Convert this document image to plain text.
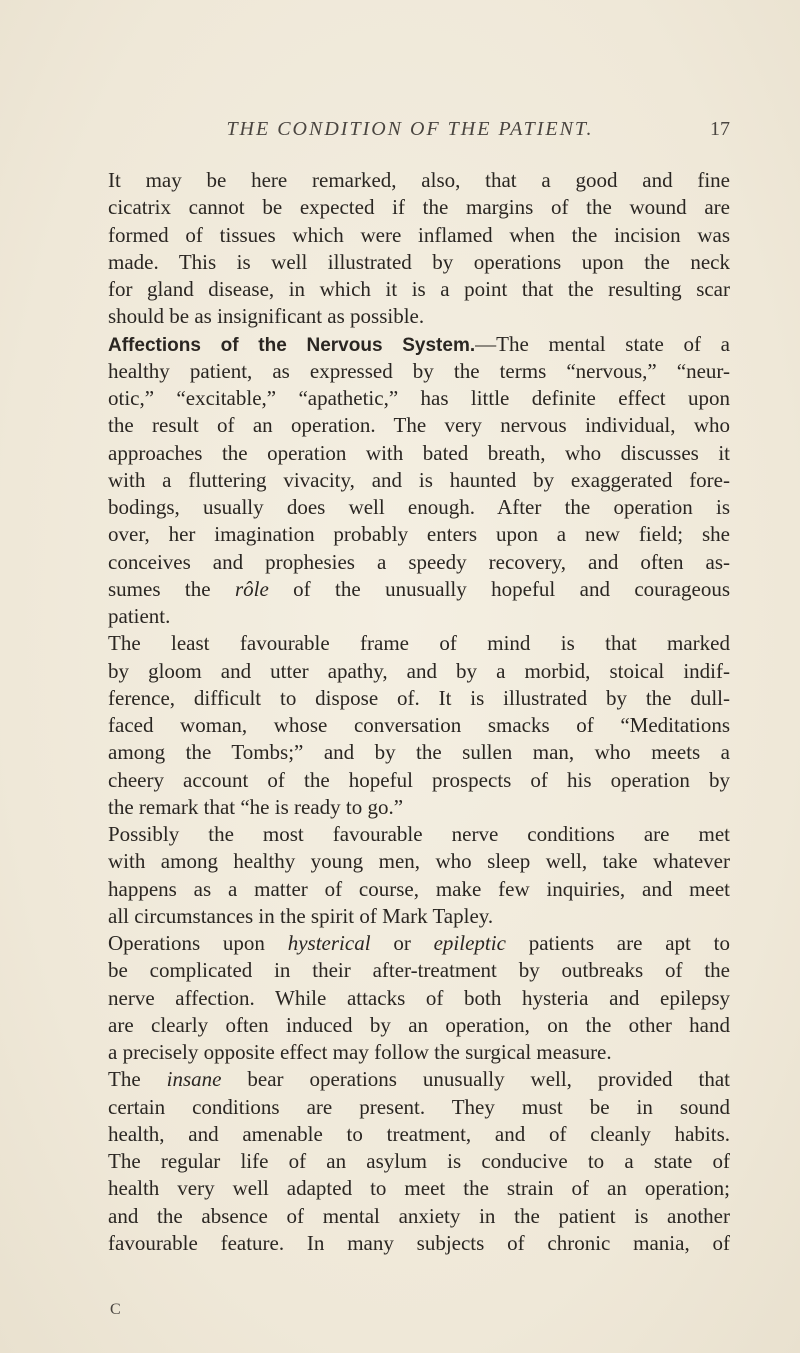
THE CONDITION OF THE PATIENT.	17
It may be here remarked, also, that a good and fine
cicatrix cannot be expected if the margins of the wound are
formed of tissues which were inflamed when the incision was
made. This is well illustrated by operations upon the neck
for gland disease, in which it is a point that the resulting scar
should be as insignificant as possible.
Affections of the Nervous System.—The mental state of a
healthy patient, as expressed by the terms “nervous,” “neur-
otic,” “excitable,” “apathetic,” has little definite effect upon
the result of an operation. The very nervous individual, who
approaches the operation with bated breath, who discusses it
with a fluttering vivacity, and is haunted by exaggerated fore-
bodings, usually does well enough. After the operation is
over, her imagination probably enters upon a new field; she
conceives and prophesies a speedy recovery, and often as-
sumes the rôle of the unusually hopeful and courageous
patient.
The least favourable frame of mind is that marked
by gloom and utter apathy, and by a morbid, stoical indif-
ference, difficult to dispose of. It is illustrated by the dull-
faced woman, whose conversation smacks of “Meditations
among the Tombs;” and by the sullen man, who meets a
cheery account of the hopeful prospects of his operation by
the remark that “he is ready to go.”
Possibly the most favourable nerve conditions are met
with among healthy young men, who sleep well, take whatever
happens as a matter of course, make few inquiries, and meet
all circumstances in the spirit of Mark Tapley.
Operations upon hysterical or epileptic patients are apt to
be complicated in their after-treatment by outbreaks of the
nerve affection. While attacks of both hysteria and epilepsy
are clearly often induced by an operation, on the other hand
a precisely opposite effect may follow the surgical measure.
The insane bear operations unusually well, provided that
certain conditions are present. They must be in sound
health, and amenable to treatment, and of cleanly habits.
The regular life of an asylum is conducive to a state of
health very well adapted to meet the strain of an operation;
and the absence of mental anxiety in the patient is another
favourable feature. In many subjects of chronic mania, of
C
